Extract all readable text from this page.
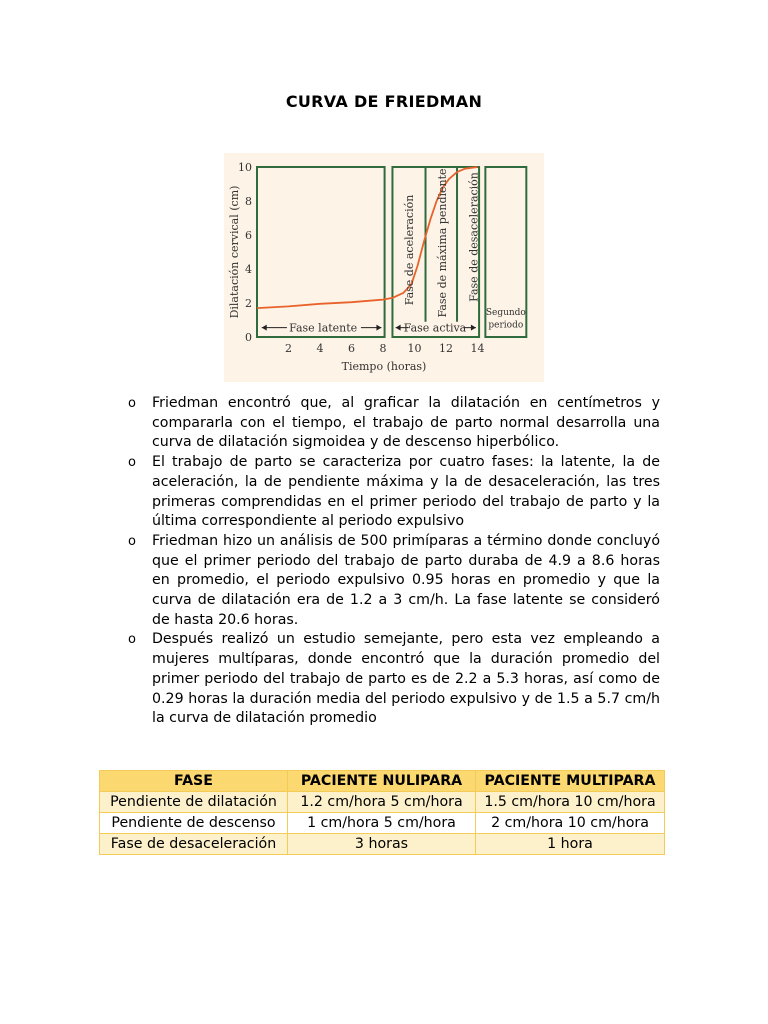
CURVA DE FRIEDMAN
0
2
4
6
8
10
2 4 6 8 10 12 14
Tiempo (horas)
Dilatación cervical (cm)
Fase latente	Fase activa
Fase de aceleración Fase de máxima pendiente Fase de desaceleración
Segundo
periodo
o Friedman encontró que, al graficar la dilatación en centímetros y compararla con el tiempo, el trabajo de parto normal desarrolla una curva de dilatación sigmoidea y de descenso hiperbólico.
o El trabajo de parto se caracteriza por cuatro fases: la latente, la de aceleración, la de pendiente máxima y la de desaceleración, las tres primeras comprendidas en el primer periodo del trabajo de parto y la última correspondiente al periodo expulsivo
o Friedman hizo un análisis de 500 primíparas a término donde concluyó que el primer periodo del trabajo de parto duraba de 4.9 a 8.6 horas en promedio, el periodo expulsivo 0.95 horas en promedio y que la curva de dilatación era de 1.2 a 3 cm/h. La fase latente se consideró de hasta 20.6 horas.
o Después realizó un estudio semejante, pero esta vez empleando a mujeres multíparas, donde encontró que la duración promedio del primer periodo del trabajo de parto es de 2.2 a 5.3 horas, así como de 0.29 horas la duración media del periodo expulsivo y de 1.5 a 5.7 cm/h la curva de dilatación promedio
FASE	PACIENTE NULIPARA	PACIENTE MULTIPARA
Pendiente de dilatación	1.2 cm/hora 5 cm/hora	1.5 cm/hora 10 cm/hora
Pendiente de descenso	1 cm/hora 5 cm/hora	2 cm/hora 10 cm/hora
Fase de desaceleración	3 horas	1 hora
